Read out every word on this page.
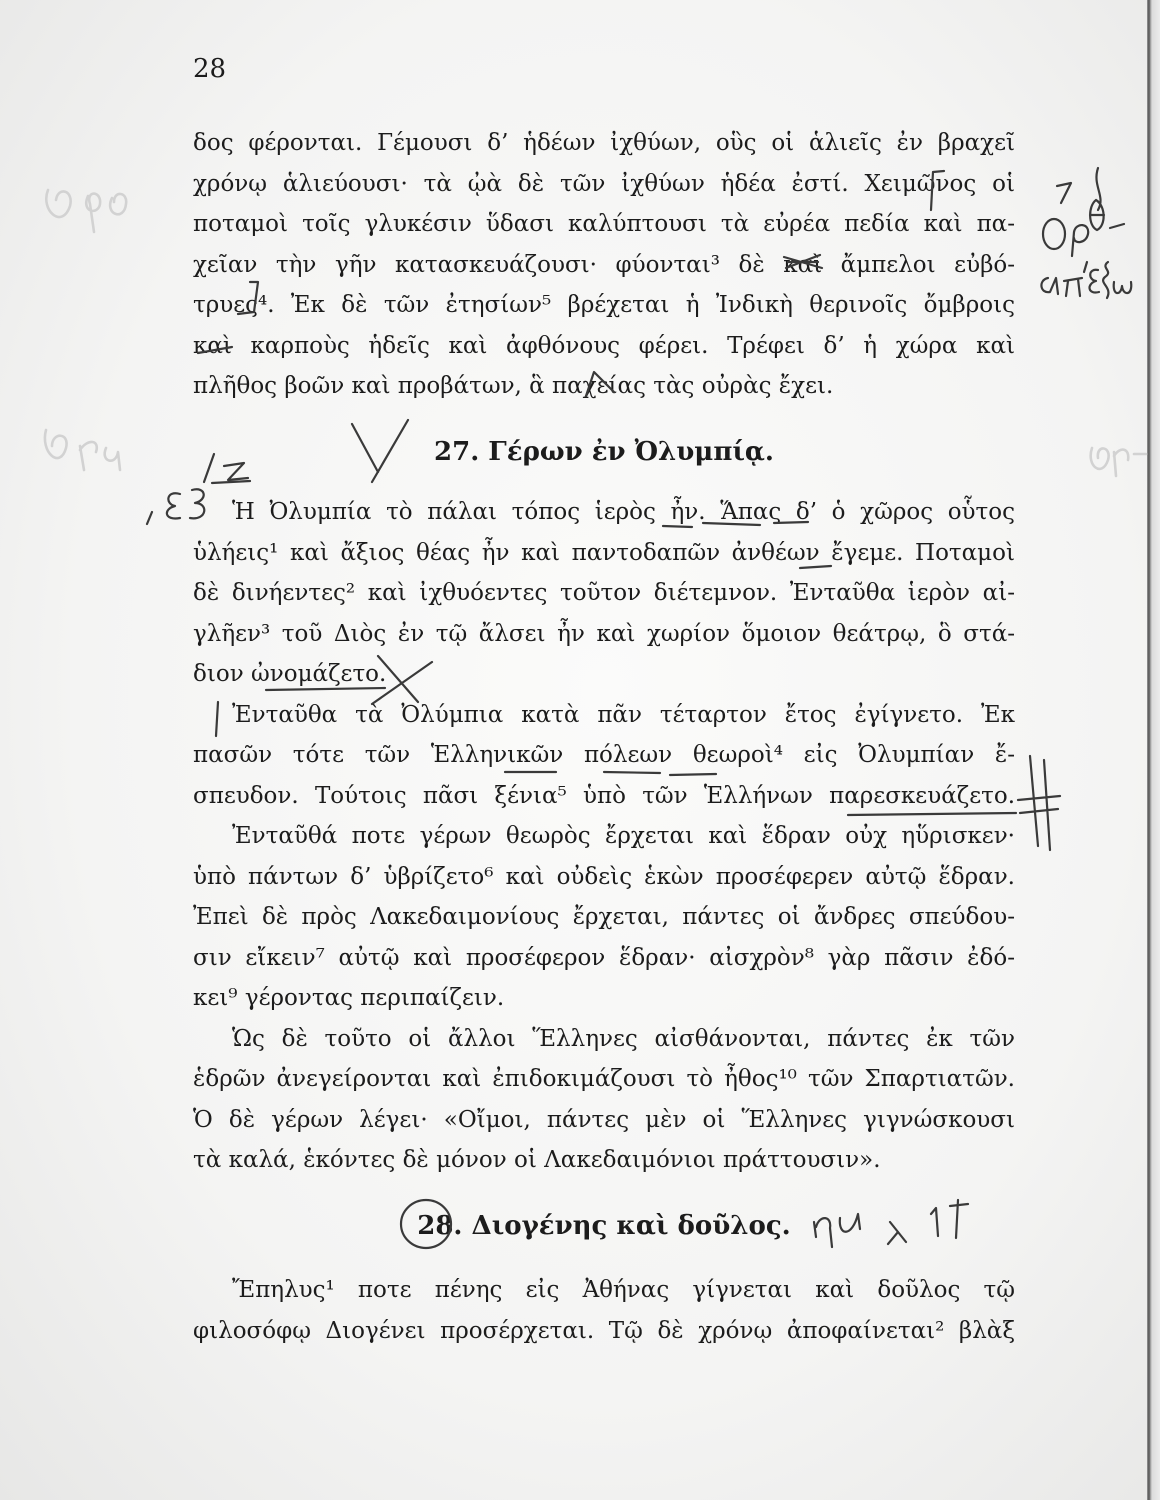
28
δος φέρονται. Γέμουσι δ’ ἡδέων ἰχθύων, οὓς οἱ ἁλιεῖς ἐν βραχεῖ
χρόνῳ ἁλιεύουσι· τὰ ᾠὰ δὲ τῶν ἰχθύων ἡδέα ἐστί. Χειμῶνος οἱ
ποταμοὶ τοῖς γλυκέσιν ὕδασι καλύπτουσι τὰ εὐρέα πεδία καὶ πα-
χεῖαν τὴν γῆν κατασκευάζουσι· φύονται³ δὲ καὶ ἄμπελοι εὐβό-
τρυες⁴. Ἐκ δὲ τῶν ἐτησίων⁵ βρέχεται ἡ Ἰνδικὴ θερινοῖς ὄμβροις
καὶ καρποὺς ἡδεῖς καὶ ἀφθόνους φέρει. Τρέφει δ’ ἡ χώρα καὶ
πλῆθος βοῶν καὶ προβάτων, ἃ παχείας τὰς οὐρὰς ἔχει.
27. Γέρων ἐν Ὀλυμπίᾳ.
Ἡ Ὀλυμπία τὸ πάλαι τόπος ἱερὸς ἦν. Ἅπας δ’ ὁ χῶρος οὗτος
ὑλήεις¹ καὶ ἄξιος θέας ἦν καὶ παντοδαπῶν ἀνθέων ἔγεμε. Ποταμοὶ
δὲ δινήεντες² καὶ ἰχθυόεντες τοῦτον διέτεμνον. Ἐνταῦθα ἱερὸν αἰ-
γλῆεν³ τοῦ Διὸς ἐν τῷ ἄλσει ἦν καὶ χωρίον ὅμοιον θεάτρῳ, ὃ στά-
διον ὠνομάζετο.
Ἐνταῦθα τὰ Ὀλύμπια κατὰ πᾶν τέταρτον ἔτος ἐγίγνετο. Ἐκ
πασῶν τότε τῶν Ἑλληνικῶν πόλεων θεωροὶ⁴ εἰς Ὀλυμπίαν ἔ-
σπευδον. Τούτοις πᾶσι ξένια⁵ ὑπὸ τῶν Ἑλλήνων παρεσκευάζετο.
Ἐνταῦθά ποτε γέρων θεωρὸς ἔρχεται καὶ ἕδραν οὐχ ηὕρισκεν·
ὑπὸ πάντων δ’ ὑβρίζετο⁶ καὶ οὐδεὶς ἑκὼν προσέφερεν αὐτῷ ἕδραν.
Ἐπεὶ δὲ πρὸς Λακεδαιμονίους ἔρχεται, πάντες οἱ ἄνδρες σπεύδου-
σιν εἴκειν⁷ αὐτῷ καὶ προσέφερον ἕδραν· αἰσχρὸν⁸ γὰρ πᾶσιν ἐδό-
κει⁹ γέροντας περιπαίζειν.
Ὡς δὲ τοῦτο οἱ ἄλλοι Ἕλληνες αἰσθάνονται, πάντες ἐκ τῶν
ἑδρῶν ἀνεγείρονται καὶ ἐπιδοκιμάζουσι τὸ ἦθος¹⁰ τῶν Σπαρτιατῶν.
Ὁ δὲ γέρων λέγει· «Οἴμοι, πάντες μὲν οἱ Ἕλληνες γιγνώσκουσι
τὰ καλά, ἑκόντες δὲ μόνον οἱ Λακεδαιμόνιοι πράττουσιν».
28. Διογένης καὶ δοῦλος.
Ἔπηλυς¹ ποτε πένης εἰς Ἀθήνας γίγνεται καὶ δοῦλος τῷ
φιλοσόφῳ Διογένει προσέρχεται. Τῷ δὲ χρόνῳ ἀποφαίνεται² βλὰξ
